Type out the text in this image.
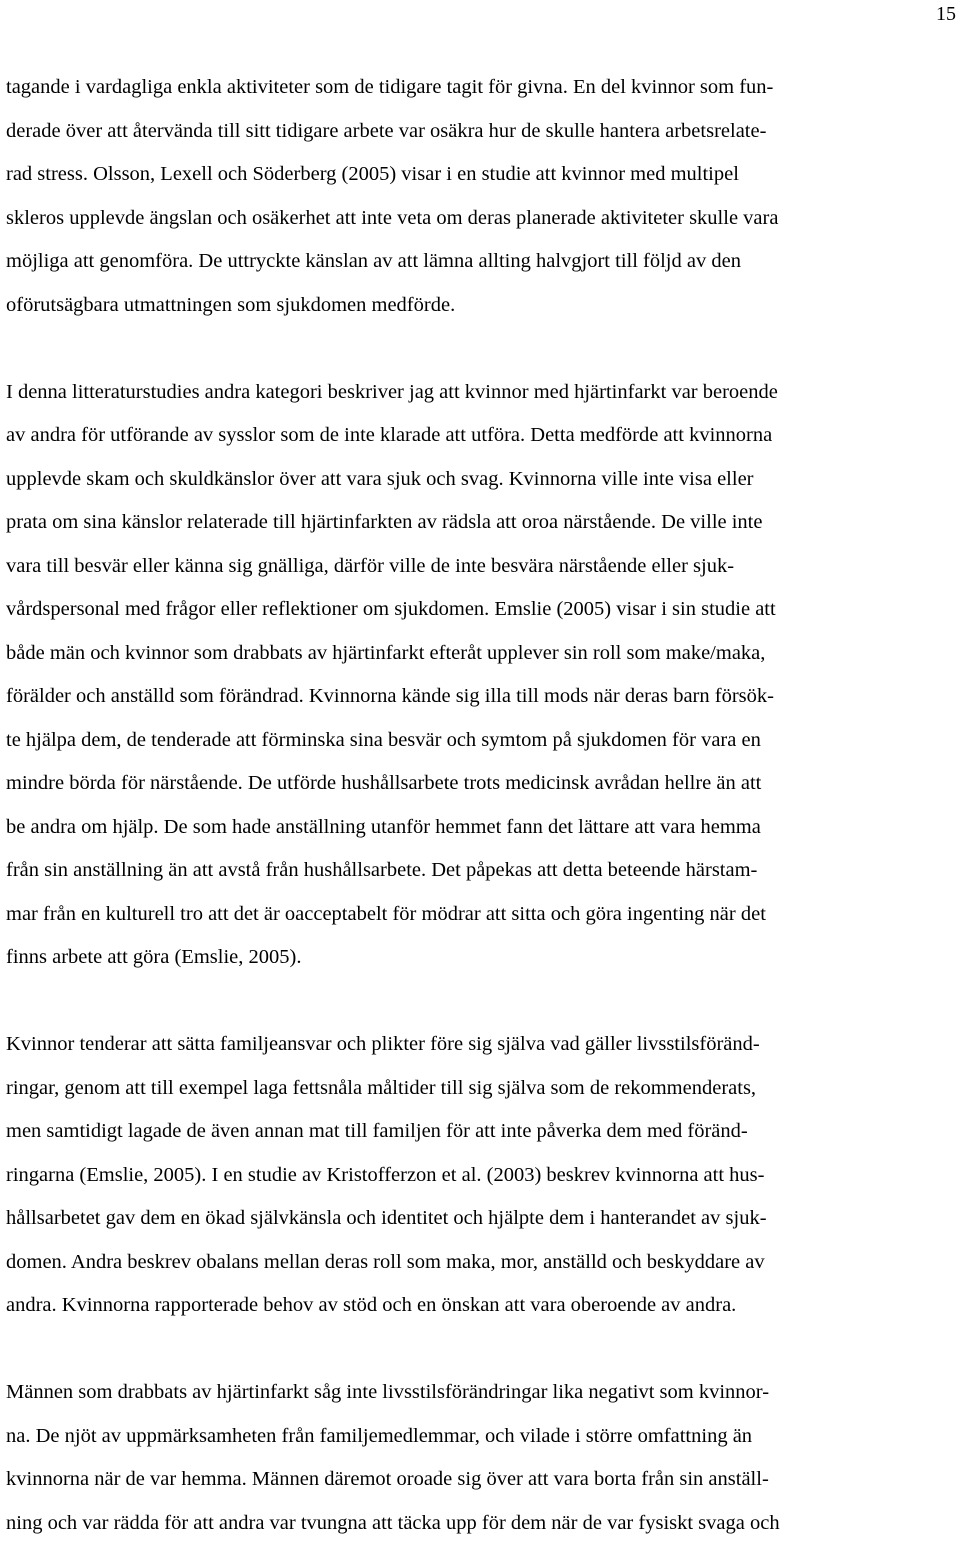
15
tagande i vardagliga enkla aktiviteter som de tidigare tagit för givna. En del kvinnor som fun-
derade över att återvända till sitt tidigare arbete var osäkra hur de skulle hantera arbetsrelate-
rad stress. Olsson, Lexell och Söderberg (2005) visar i en studie att kvinnor med multipel
skleros upplevde ängslan och osäkerhet att inte veta om deras planerade aktiviteter skulle vara
möjliga att genomföra. De uttryckte känslan av att lämna allting halvgjort till följd av den
oförutsägbara utmattningen som sjukdomen medförde.
I denna litteraturstudies andra kategori beskriver jag att kvinnor med hjärtinfarkt var beroende
av andra för utförande av sysslor som de inte klarade att utföra. Detta medförde att kvinnorna
upplevde skam och skuldkänslor över att vara sjuk och svag. Kvinnorna ville inte visa eller
prata om sina känslor relaterade till hjärtinfarkten av rädsla att oroa närstående. De ville inte
vara till besvär eller känna sig gnälliga, därför ville de inte besvära närstående eller sjuk-
vårdspersonal med frågor eller reflektioner om sjukdomen. Emslie (2005) visar i sin studie att
både män och kvinnor som drabbats av hjärtinfarkt efteråt upplever sin roll som make/maka,
förälder och anställd som förändrad. Kvinnorna kände sig illa till mods när deras barn försök-
te hjälpa dem, de tenderade att förminska sina besvär och symtom på sjukdomen för vara en
mindre börda för närstående. De utförde hushållsarbete trots medicinsk avrådan hellre än att
be andra om hjälp. De som hade anställning utanför hemmet fann det lättare att vara hemma
från sin anställning än att avstå från hushållsarbete. Det påpekas att detta beteende härstam-
mar från en kulturell tro att det är oacceptabelt för mödrar att sitta och göra ingenting när det
finns arbete att göra (Emslie, 2005).
Kvinnor tenderar att sätta familjeansvar och plikter före sig själva vad gäller livsstilsföränd-
ringar, genom att till exempel laga fettsnåla måltider till sig själva som de rekommenderats,
men samtidigt lagade de även annan mat till familjen för att inte påverka dem med föränd-
ringarna (Emslie, 2005). I en studie av Kristofferzon et al. (2003) beskrev kvinnorna att hus-
hållsarbetet gav dem en ökad självkänsla och identitet och hjälpte dem i hanterandet av sjuk-
domen. Andra beskrev obalans mellan deras roll som maka, mor, anställd och beskyddare av
andra. Kvinnorna rapporterade behov av stöd och en önskan att vara oberoende av andra.
Männen som drabbats av hjärtinfarkt såg inte livsstilsförändringar lika negativt som kvinnor-
na. De njöt av uppmärksamheten från familjemedlemmar, och vilade i större omfattning än
kvinnorna när de var hemma. Männen däremot oroade sig över att vara borta från sin anställ-
ning och var rädda för att andra var tvungna att täcka upp för dem när de var fysiskt svaga och
